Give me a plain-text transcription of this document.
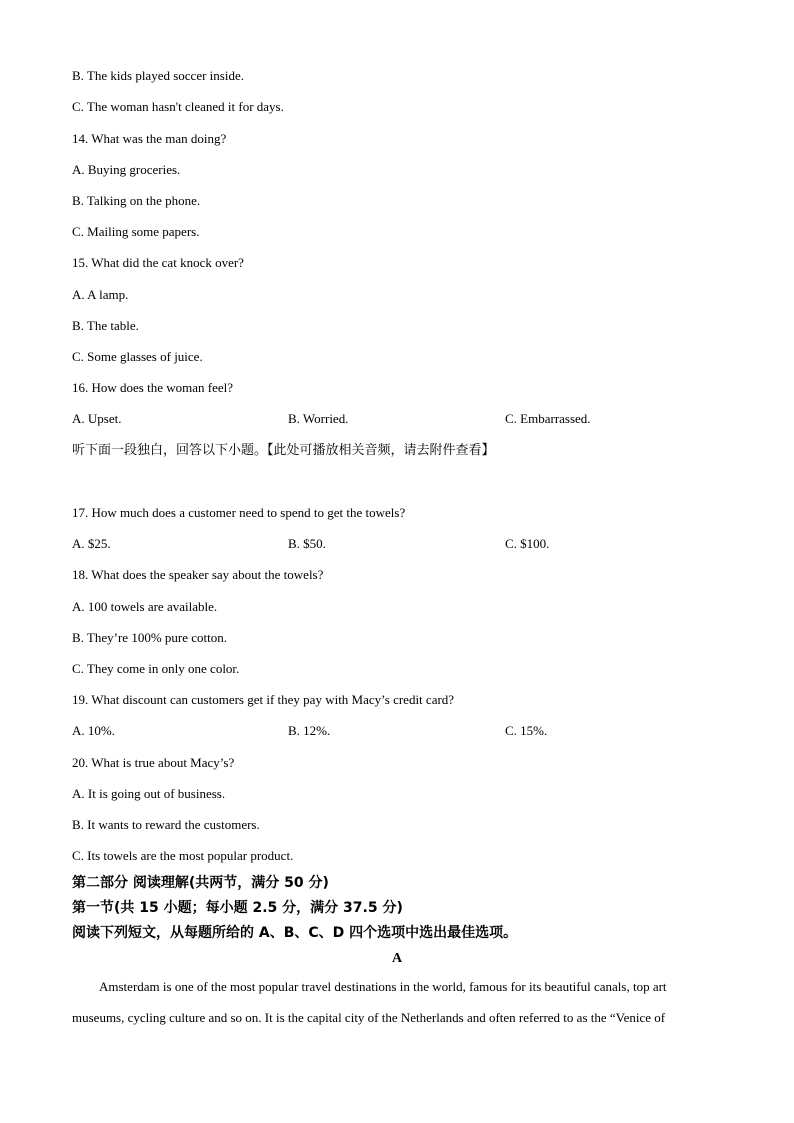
B. The kids played soccer inside.
C. The woman hasn't cleaned it for days.
14. What was the man doing?
A. Buying groceries.
B. Talking on the phone.
C. Mailing some papers.
15. What did the cat knock over?
A. A lamp.
B. The table.
C. Some glasses of juice.
16. How does the woman feel?
A. Upset.	B. Worried.	C. Embarrassed.
听下面一段独白，回答以下小题。【此处可播放相关音频，请去附件查看】
17. How much does a customer need to spend to get the towels?
A. $25.	B. $50.	C. $100.
18. What does the speaker say about the towels?
A. 100 towels are available.
B. They’re 100% pure cotton.
C. They come in only one color.
19. What discount can customers get if they pay with Macy’s credit card?
A. 10%.	B. 12%.	C. 15%.
20. What is true about Macy’s?
A. It is going out of business.
B. It wants to reward the customers.
C. Its towels are the most popular product.
第二部分 阅读理解(共两节，满分 50 分)
第一节(共 15 小题；每小题 2.5 分，满分 37.5 分)
阅读下列短文，从每题所给的 A、B、C、D 四个选项中选出最佳选项。
A
Amsterdam is one of the most popular travel destinations in the world, famous for its beautiful canals, top art
museums, cycling culture and so on. It is the capital city of the Netherlands and often referred to as the “Venice of
